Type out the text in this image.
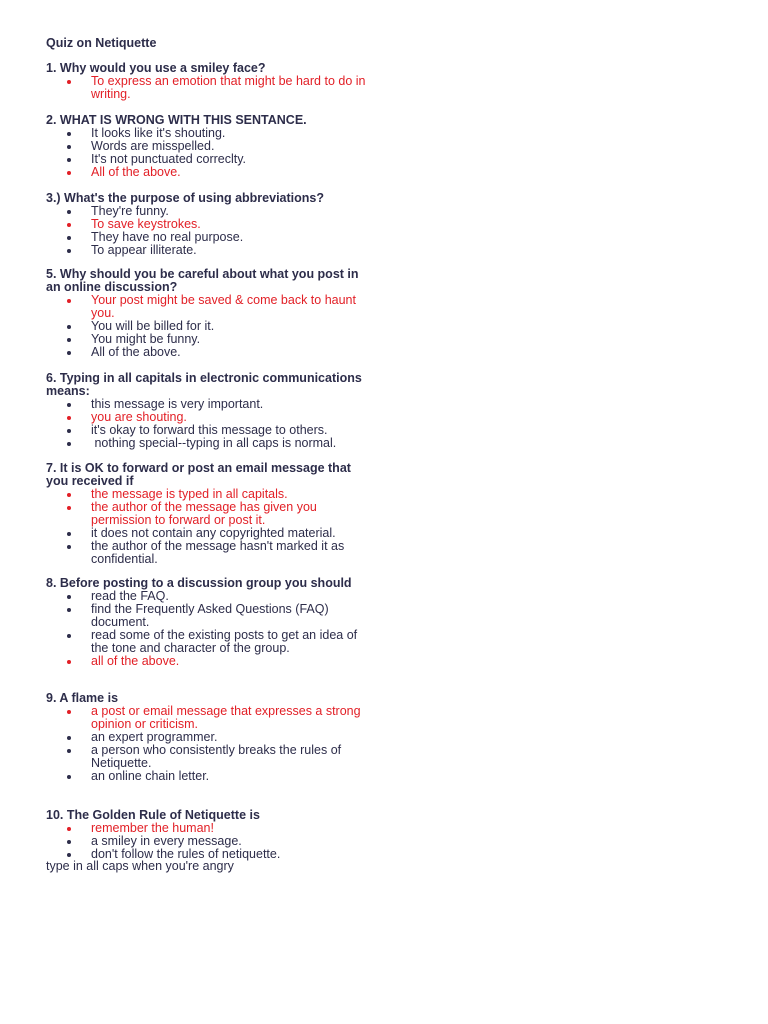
Quiz on Netiquette

1. Why would you use a smiley face?

To express an emotion that might be hard to do in writing.

2. WHAT IS WRONG WITH THIS SENTANCE.

It looks like it's shouting.
Words are misspelled.
It's not punctuated correclty.
All of the above.

3.) What's the purpose of using abbreviations?

They're funny.
To save keystrokes.
They have no real purpose.
To appear illiterate.

5. Why should you be careful about what you post in an online discussion?

Your post might be saved & come back to haunt you.
You will be billed for it.
You might be funny.
All of the above.

6. Typing in all capitals in electronic communications means:

this message is very important.
you are shouting.
it's okay to forward this message to others.
nothing special--typing in all caps is normal.

7. It is OK to forward or post an email message that you received if

the message is typed in all capitals.
the author of the message has given you permission to forward or post it.
it does not contain any copyrighted material.
the author of the message hasn't marked it as confidential.

8. Before posting to a discussion group you should

read the FAQ.
find the Frequently Asked Questions (FAQ) document.
read some of the existing posts to get an idea of the tone and character of the group.
all of the above.

9. A flame is

a post or email message that expresses a strong opinion or criticism.
an expert programmer.
a person who consistently breaks the rules of Netiquette.
an online chain letter.

10. The Golden Rule of Netiquette is

remember the human!
a smiley in every message.
don't follow the rules of netiquette.
type in all caps when you're angry
